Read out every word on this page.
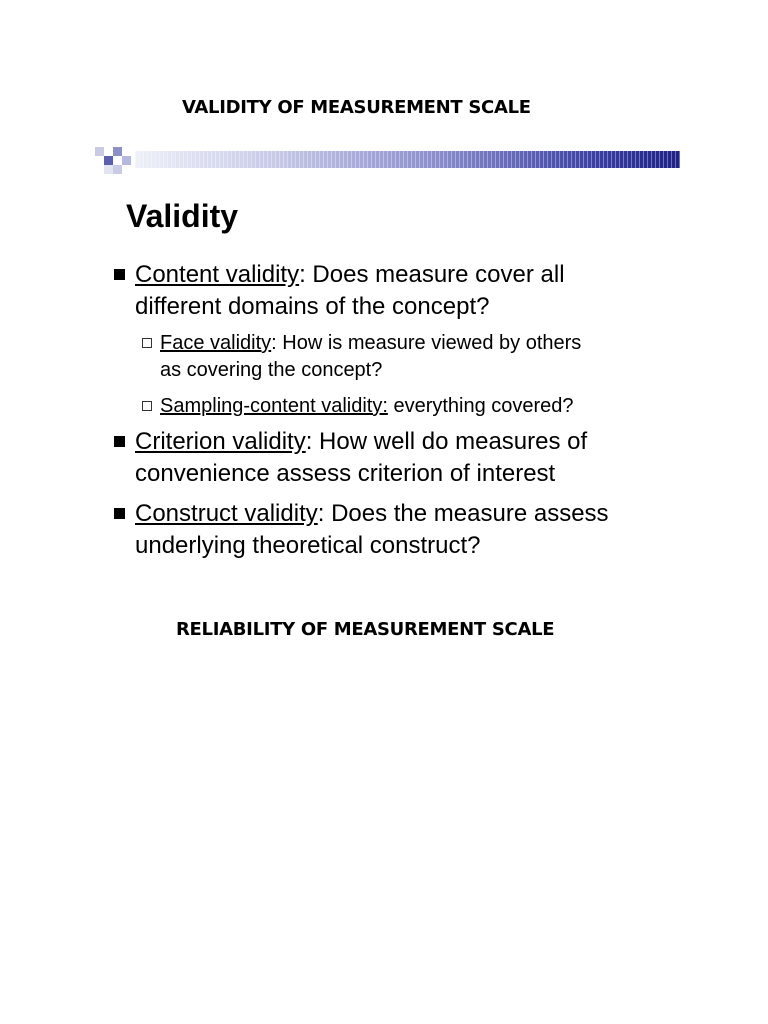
VALIDITY OF MEASUREMENT SCALE
Validity
Content validity: Does measure cover all
different domains of the concept?
Face validity: How is measure viewed by others
as covering the concept?
Sampling-content validity: everything covered?
Criterion validity: How well do measures of
convenience assess criterion of interest
Construct validity: Does the measure assess
underlying theoretical construct?
RELIABILITY OF MEASUREMENT SCALE
